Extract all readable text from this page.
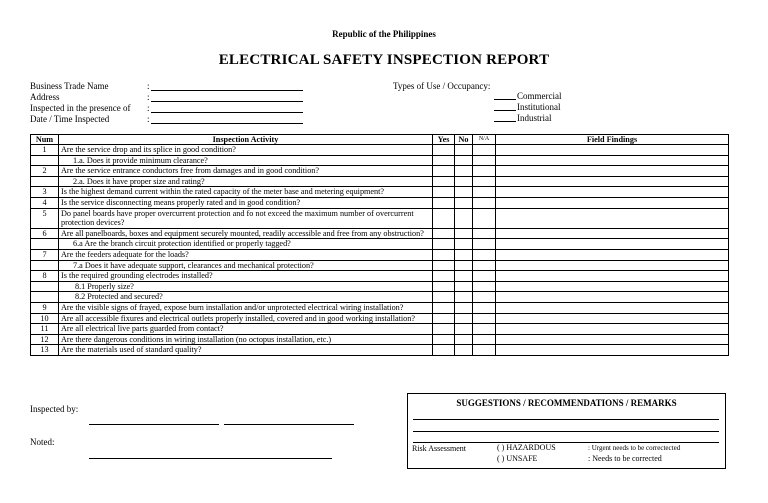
Republic of the Philippines
ELECTRICAL SAFETY INSPECTION REPORT
Business Trade Name	:
Address	:
Inspected in the presence of :
Date / Time Inspected	:
Types of Use / Occupancy:
Commercial
Institutional
Industrial
Num	Inspection Activity	Yes	No	N/A	Field Findings
1	Are the service drop and its splice in good condition?				
	1.a. Does it provide minimum clearance?				
2	Are the service entrance conductors free from damages and in good condition?				
	2.a. Does it have proper size and rating?				
3	Is the highest demand current within the rated capacity of the meter base and metering equipment?				
4	Is the service disconnecting means properly rated and in good condition?				
5	Do panel boards have proper overcurrent protection and fo not exceed the maximum number of overcurrent protection devices?				
6	Are all panelboards, boxes and equipment securely mounted, readily accessible and free from any obstruction?				
	6.a Are the branch circuit protection identified or properly tagged?				
7	Are the feeders adequate for the loads?				
	7.a Does it have adequate support, clearances and mechanical protection?				
8	Is the required grounding electrodes installed?				
	8.1 Properly size?				
	8.2 Protected and secured?				
9	Are the visible signs of frayed, expose burn installation and/or unprotected electrical wiring installation?				
10	Are all accessible fixures and electrical outlets properly installed, covered and in good working installation?				
11	Are all electrical live parts guarded from contact?				
12	Are there dangerous conditions in wiring installation (no octopus installation, etc.)				
13	Are the materials used of standard quality?				
Inspected by:
Noted:
SUGGESTIONS / RECOMMENDATIONS / REMARKS
Risk Assessment	( ) HAZARDOUS
( ) UNSAFE
: Urgent needs to be correctected
: Needs to be corrected
